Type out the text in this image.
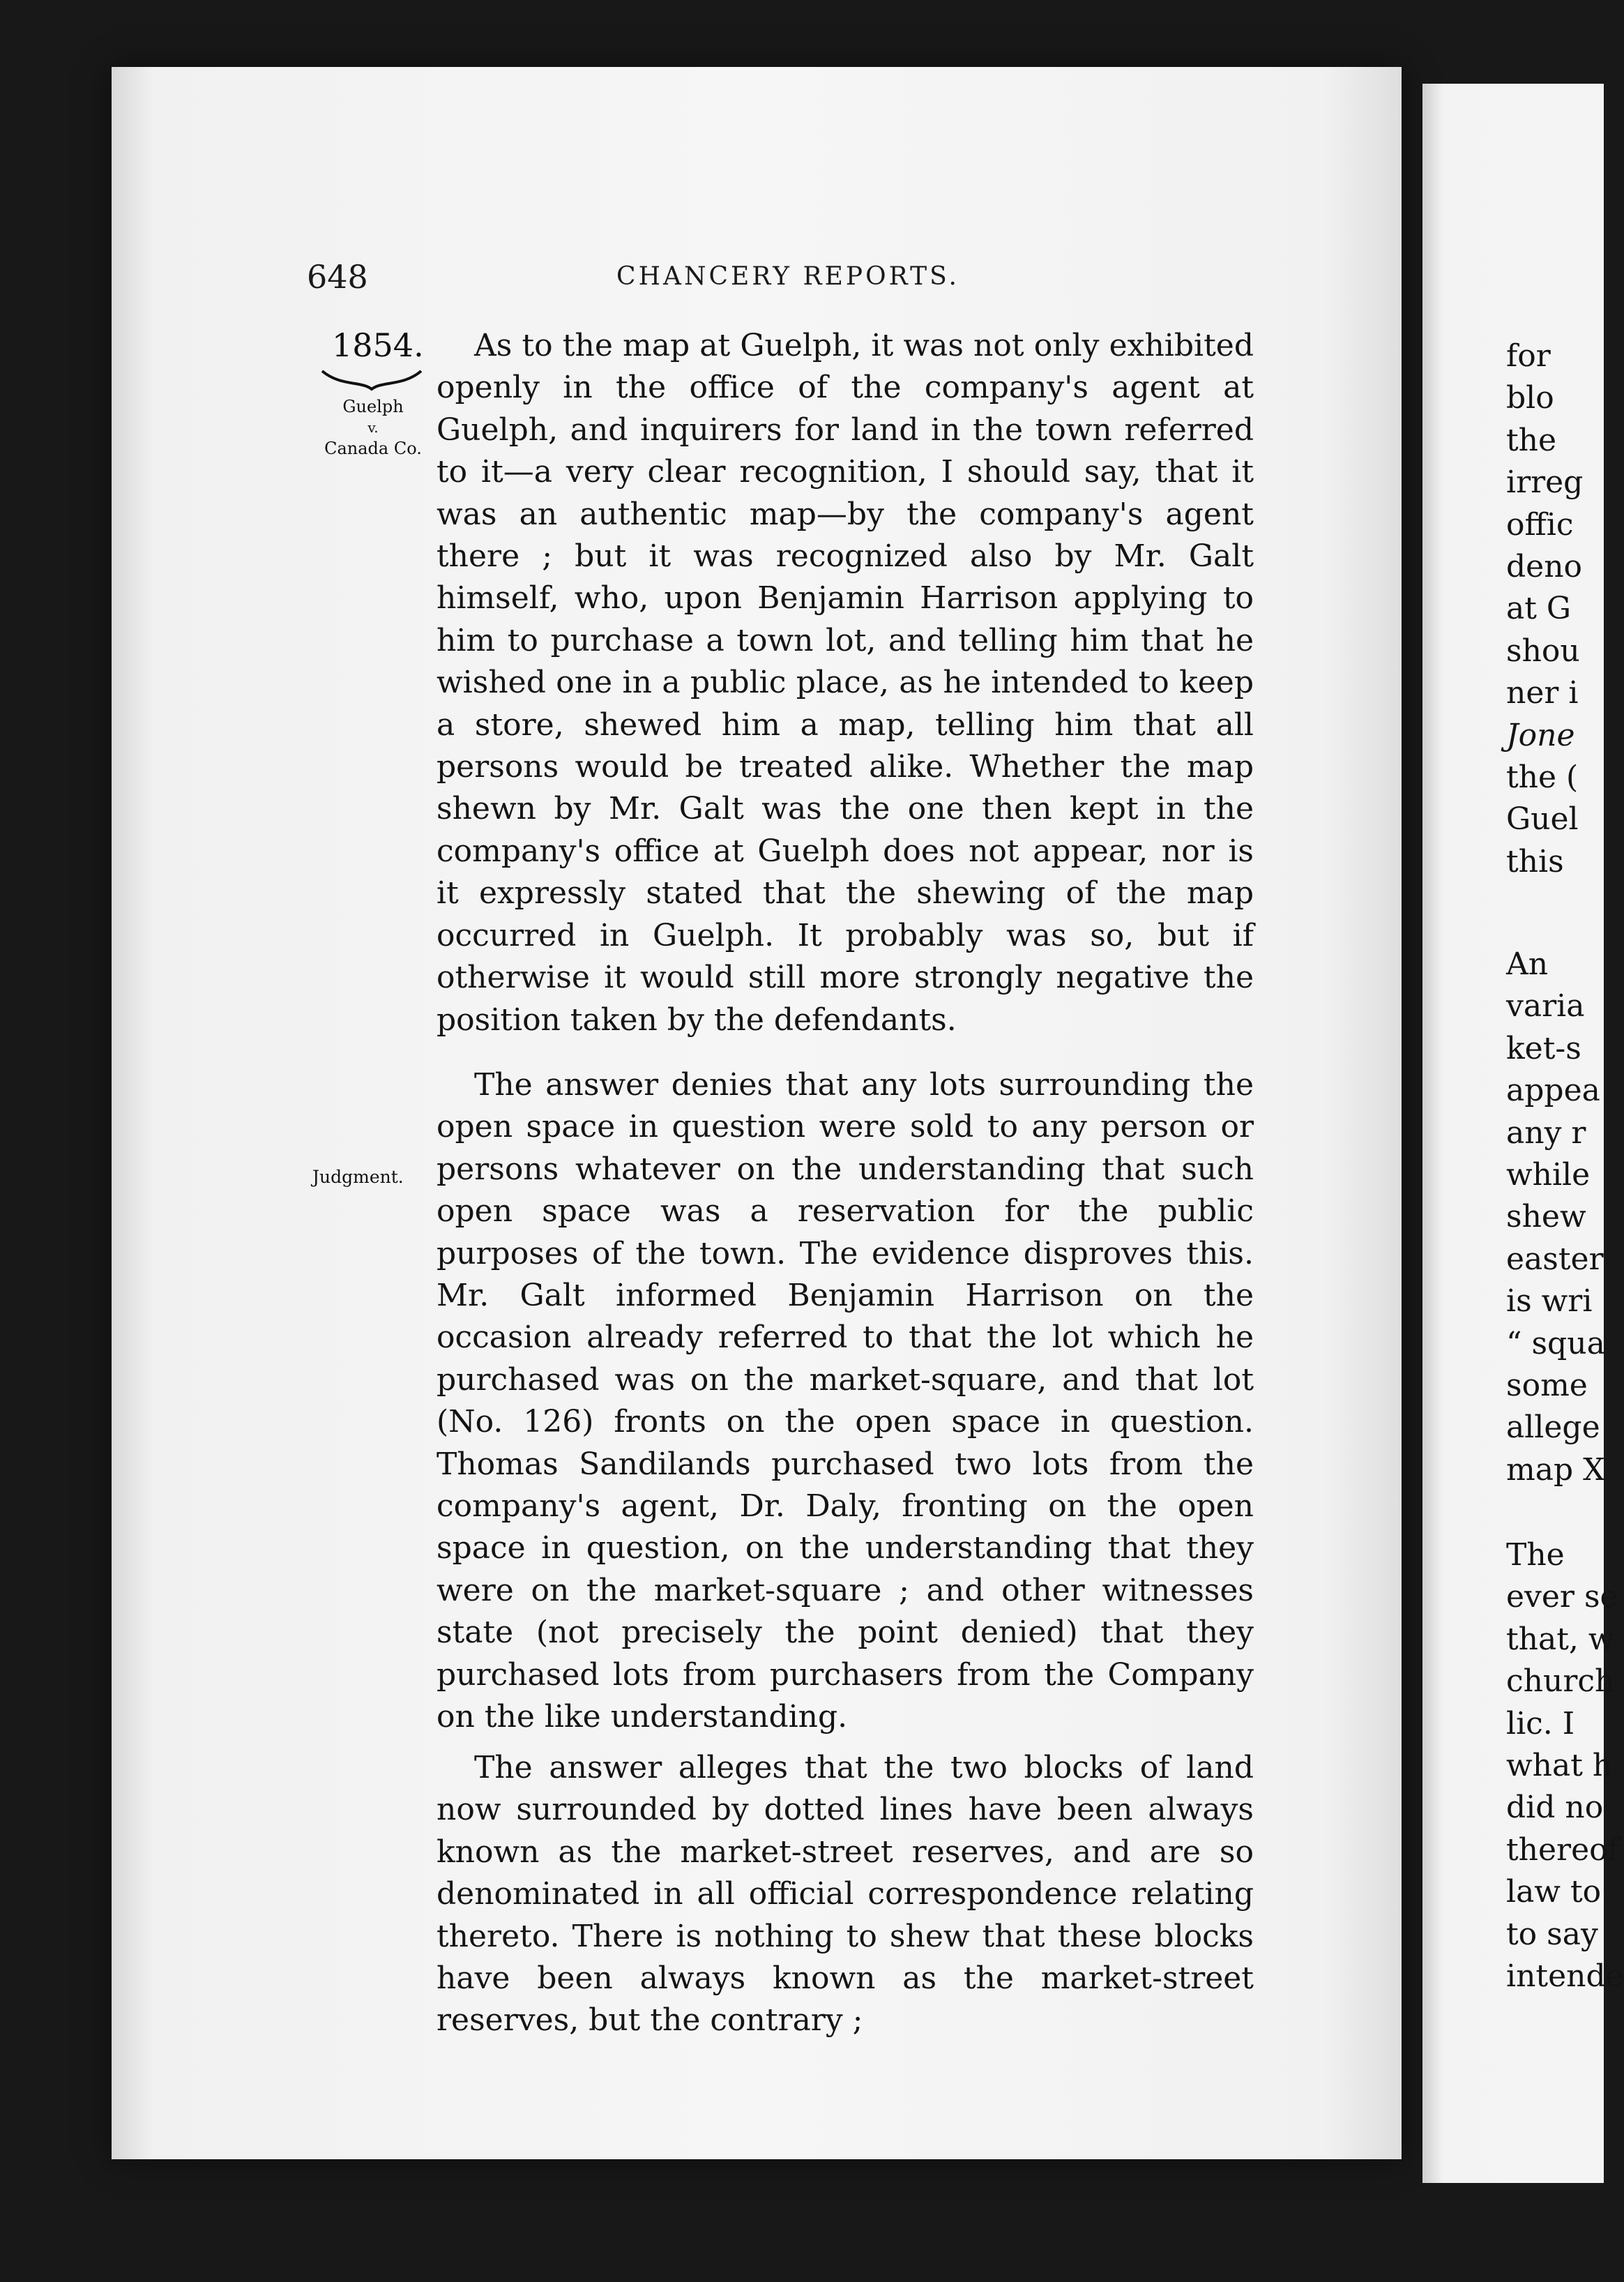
648	CHANCERY REPORTS.
1854.
Guelph
v.
Canada Co.
Judgment.

As to the map at Guelph, it was not only exhibited openly in the office of the company's agent at Guelph, and inquirers for land in the town referred to it—a very clear recognition, I should say, that it was an authentic map—by the company's agent there ; but it was recognized also by Mr. Galt himself, who, upon Benjamin Harrison applying to him to purchase a town lot, and telling him that he wished one in a public place, as he intended to keep a store, shewed him a map, telling him that all persons would be treated alike. Whether the map shewn by Mr. Galt was the one then kept in the company's office at Guelph does not appear, nor is it expressly stated that the shewing of the map occurred in Guelph. It probably was so, but if otherwise it would still more strongly negative the position taken by the defendants.

The answer denies that any lots surrounding the open space in question were sold to any person or persons whatever on the understanding that such open space was a reservation for the public purposes of the town. The evidence disproves this. Mr. Galt informed Benjamin Harrison on the occasion already referred to that the lot which he purchased was on the market-square, and that lot (No. 126) fronts on the open space in question. Thomas Sandilands purchased two lots from the company's agent, Dr. Daly, fronting on the open space in question, on the understanding that they were on the market-square ; and other witnesses state (not precisely the point denied) that they purchased lots from purchasers from the Company on the like understanding.

The answer alleges that the two blocks of land now surrounded by dotted lines have been always known as the market-street reserves, and are so denominated in all official correspondence relating thereto. There is nothing to shew that these blocks have been always known as the market-street reserves, but the contrary ;

for
blo
the
irreg
offic
deno
at G
shou
ner i
Jone
the (
Guel
this
An
varia
ket-s
appea
any r
while
shew
easter
is wri
“ squa
some
allege
map X
The
ever se
that, w
church
lic. I
what h
did no
thereof
law to
to say
intende
